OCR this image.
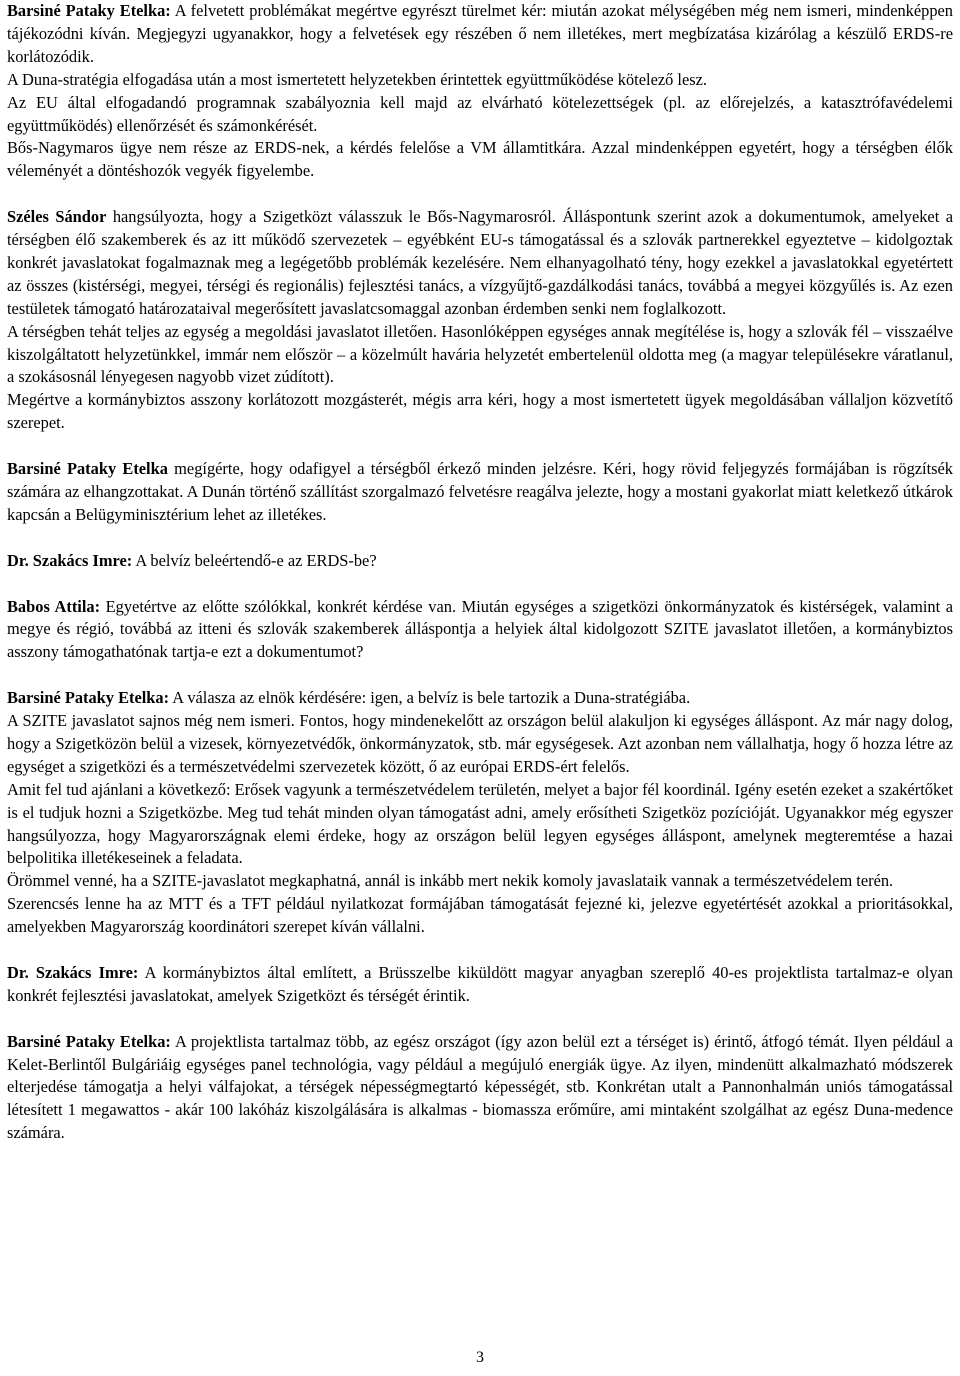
Barsiné Pataky Etelka: A felvetett problémákat megértve egyrészt türelmet kér: miután azokat mélységében még nem ismeri, mindenképpen tájékozódni kíván. Megjegyzi ugyanakkor, hogy a felvetések egy részében ő nem illetékes, mert megbízatása kizárólag a készülő ERDS-re korlátozódik.

A Duna-stratégia elfogadása után a most ismertetett helyzetekben érintettek együttműködése kötelező lesz.

Az EU által elfogadandó programnak szabályoznia kell majd az elvárható kötelezettségek (pl. az előrejelzés, a katasztrófavédelemi együttműködés) ellenőrzését és számonkérését.

Bős-Nagymaros ügye nem része az ERDS-nek, a kérdés felelőse a VM államtitkára. Azzal mindenképpen egyetért, hogy a térségben élők véleményét a döntéshozók vegyék figyelembe.

Széles Sándor hangsúlyozta, hogy a Szigetközt válasszuk le Bős-Nagymarosról. Álláspontunk szerint azok a dokumentumok, amelyeket a térségben élő szakemberek és az itt működő szervezetek – egyébként EU-s támogatással és a szlovák partnerekkel egyeztetve – kidolgoztak konkrét javaslatokat fogalmaznak meg a legégetőbb problémák kezelésére. Nem elhanyagolható tény, hogy ezekkel a javaslatokkal egyetértett az összes (kistérségi, megyei, térségi és regionális) fejlesztési tanács, a vízgyűjtő-gazdálkodási tanács, továbbá a megyei közgyűlés is. Az ezen testületek támogató határozataival megerősített javaslatcsomaggal azonban érdemben senki nem foglalkozott.

A térségben tehát teljes az egység a megoldási javaslatot illetően. Hasonlóképpen egységes annak megítélése is, hogy a szlovák fél – visszaélve kiszolgáltatott helyzetünkkel, immár nem először – a közelmúlt havária helyzetét embertelenül oldotta meg (a magyar településekre váratlanul, a szokásosnál lényegesen nagyobb vizet zúdított).

Megértve a kormánybiztos asszony korlátozott mozgásterét, mégis arra kéri, hogy a most ismertetett ügyek megoldásában vállaljon közvetítő szerepet.

Barsiné Pataky Etelka megígérte, hogy odafigyel a térségből érkező minden jelzésre. Kéri, hogy rövid feljegyzés formájában is rögzítsék számára az elhangzottakat. A Dunán történő szállítást szorgalmazó felvetésre reagálva jelezte, hogy a mostani gyakorlat miatt keletkező útkárok kapcsán a Belügyminisztérium lehet az illetékes.

Dr. Szakács Imre: A belvíz beleértendő-e az ERDS-be?

Babos Attila: Egyetértve az előtte szólókkal, konkrét kérdése van. Miután egységes a szigetközi önkormányzatok és kistérségek, valamint a megye és régió, továbbá az itteni és szlovák szakemberek álláspontja a helyiek által kidolgozott SZITE javaslatot illetően, a kormánybiztos asszony támogathatónak tartja-e ezt a dokumentumot?

Barsiné Pataky Etelka: A válasza az elnök kérdésére: igen, a belvíz is bele tartozik a Duna-stratégiába.

A SZITE javaslatot sajnos még nem ismeri. Fontos, hogy mindenekelőtt az országon belül alakuljon ki egységes álláspont. Az már nagy dolog, hogy a Szigetközön belül a vizesek, környezetvédők, önkormányzatok, stb. már egységesek. Azt azonban nem vállalhatja, hogy ő hozza létre az egységet a szigetközi és a természetvédelmi szervezetek között, ő az európai ERDS-ért felelős.

Amit fel tud ajánlani a következő: Erősek vagyunk a természetvédelem területén, melyet a bajor fél koordinál. Igény esetén ezeket a szakértőket is el tudjuk hozni a Szigetközbe. Meg tud tehát minden olyan támogatást adni, amely erősítheti Szigetköz pozícióját. Ugyanakkor még egyszer hangsúlyozza, hogy Magyarországnak elemi érdeke, hogy az országon belül legyen egységes álláspont, amelynek megteremtése a hazai belpolitika illetékeseinek a feladata.

Örömmel venné, ha a SZITE-javaslatot megkaphatná, annál is inkább mert nekik komoly javaslataik vannak a természetvédelem terén.

Szerencsés lenne ha az MTT és a TFT például nyilatkozat formájában támogatását fejezné ki, jelezve egyetértését azokkal a prioritásokkal, amelyekben Magyarország koordinátori szerepet kíván vállalni.

Dr. Szakács Imre: A kormánybiztos által említett, a Brüsszelbe kiküldött magyar anyagban szereplő 40-es projektlista tartalmaz-e olyan konkrét fejlesztési javaslatokat, amelyek Szigetközt és térségét érintik.

Barsiné Pataky Etelka: A projektlista tartalmaz több, az egész országot (így azon belül ezt a térséget is) érintő, átfogó témát. Ilyen például a Kelet-Berlintől Bulgáriáig egységes panel technológia, vagy például a megújuló energiák ügye. Az ilyen, mindenütt alkalmazható módszerek elterjedése támogatja a helyi válfajokat, a térségek népességmegtartó képességét, stb. Konkrétan utalt a Pannonhalmán uniós támogatással létesített 1 megawattos - akár 100 lakóház kiszolgálására is alkalmas - biomassza erőműre, ami mintaként szolgálhat az egész Duna-medence számára.

3
